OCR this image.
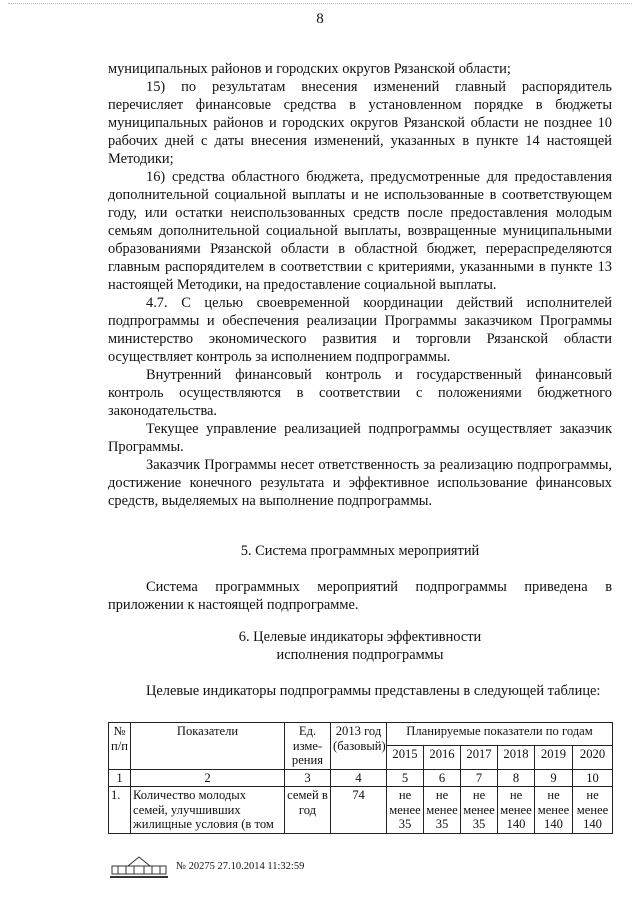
8

муниципальных районов и городских округов Рязанской области;

15) по результатам внесения изменений главный распорядитель перечисляет финансовые средства в установленном порядке в бюджеты муниципальных районов и городских округов Рязанской области не позднее 10 рабочих дней с даты внесения изменений, указанных в пункте 14 настоящей Методики;

16) средства областного бюджета, предусмотренные для предоставления дополнительной социальной выплаты и не использованные в соответствующем году, или остатки неиспользованных средств после предоставления молодым семьям дополнительной социальной выплаты, возвращенные муниципальными образованиями Рязанской области в областной бюджет, перераспределяются главным распорядителем в соответствии с критериями, указанными в пункте 13 настоящей Методики, на предоставление социальной выплаты.

4.7. С целью своевременной координации действий исполнителей подпрограммы и обеспечения реализации Программы заказчиком Программы министерство экономического развития и торговли Рязанской области осуществляет контроль за исполнением подпрограммы.

Внутренний финансовый контроль и государственный финансовый контроль осуществляются в соответствии с положениями бюджетного законодательства.

Текущее управление реализацией подпрограммы осуществляет заказчик Программы.

Заказчик Программы несет ответственность за реализацию подпрограммы, достижение конечного результата и эффективное использование финансовых средств, выделяемых на выполнение подпрограммы.

5. Система программных мероприятий

Система программных мероприятий подпрограммы приведена в приложении к настоящей подпрограмме.

6. Целевые индикаторы эффективности

исполнения подпрограммы

Целевые индикаторы подпрограммы представлены в следующей таблице:

№ п/п	Показатели	Ед. изме-рения	2013 год (базовый)	Планируемые показатели по годам					
				2015	2016	2017	2018	2019	2020
1	2	3	4	5	6	7	8	9	10
1.	Количество молодых семей, улучшивших жилищные условия (в том	семей в год	74	не менее 35	не менее 35	не менее 35	не менее 140	не менее 140	не менее 140
№ 20275 27.10.2014 11:32:59
